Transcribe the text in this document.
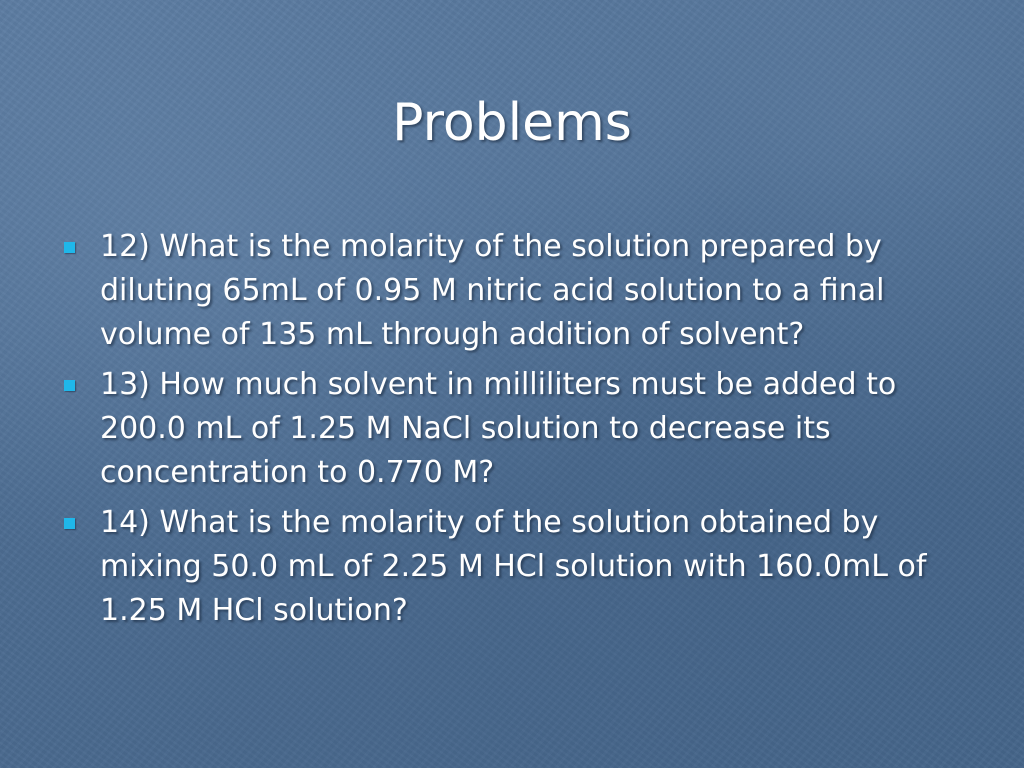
Problems
12) What is the molarity of the solution prepared by diluting 65mL of 0.95 M nitric acid solution to a final volume of 135 mL through addition of solvent?
13) How much solvent in milliliters must be added to 200.0 mL of 1.25 M NaCl solution to decrease its concentration to 0.770 M?
14) What is the molarity of the solution obtained by mixing 50.0 mL of 2.25 M HCl solution with 160.0mL of 1.25 M HCl solution?
